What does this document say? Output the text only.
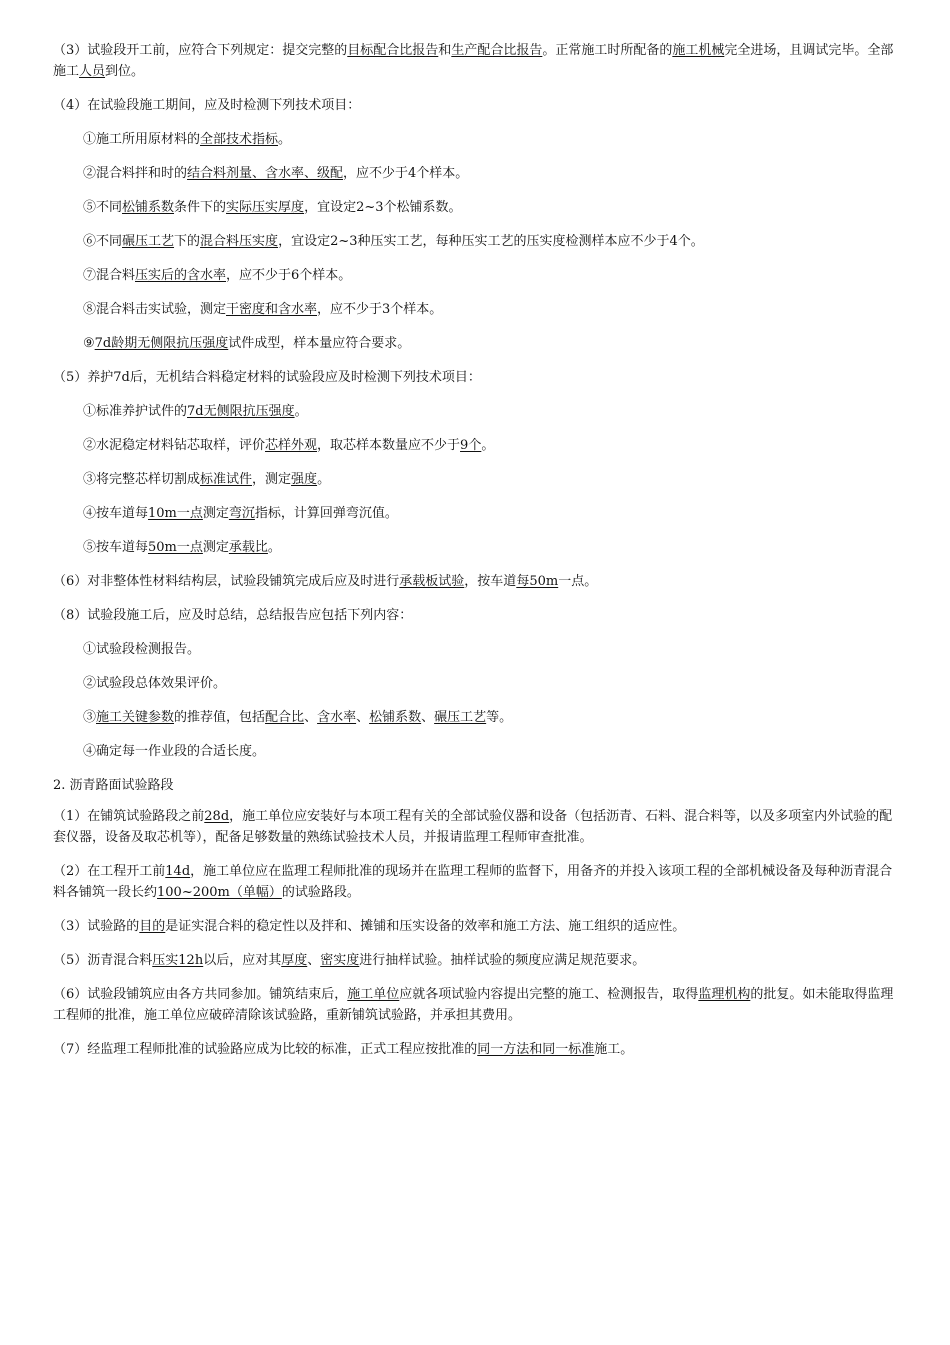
（3）试验段开工前，应符合下列规定：提交完整的目标配合比报告和生产配合比报告。正常施工时所配备的施工机械完全进场，且调试完毕。全部施工人员到位。

（4）在试验段施工期间，应及时检测下列技术项目：

①施工所用原材料的全部技术指标。

②混合料拌和时的结合料剂量、含水率、级配，应不少于4个样本。

⑤不同松铺系数条件下的实际压实厚度，宜设定2~3个松铺系数。

⑥不同碾压工艺下的混合料压实度，宜设定2~3种压实工艺，每种压实工艺的压实度检测样本应不少于4个。

⑦混合料压实后的含水率，应不少于6个样本。

⑧混合料击实试验，测定干密度和含水率，应不少于3个样本。

⑨7d龄期无侧限抗压强度试件成型，样本量应符合要求。

（5）养护7d后，无机结合料稳定材料的试验段应及时检测下列技术项目：

①标准养护试件的7d无侧限抗压强度。

②水泥稳定材料钻芯取样，评价芯样外观，取芯样本数量应不少于9个。

③将完整芯样切割成标准试件，测定强度。

④按车道每10m一点测定弯沉指标，计算回弹弯沉值。

⑤按车道每50m一点测定承载比。

（6）对非整体性材料结构层，试验段铺筑完成后应及时进行承载板试验，按车道每50m一点。

（8）试验段施工后，应及时总结，总结报告应包括下列内容：

①试验段检测报告。

②试验段总体效果评价。

③施工关键参数的推荐值，包括配合比、含水率、松铺系数、碾压工艺等。

④确定每一作业段的合适长度。

2. 沥青路面试验路段

（1）在铺筑试验路段之前28d，施工单位应安装好与本项工程有关的全部试验仪器和设备（包括沥青、石料、混合料等，以及多项室内外试验的配套仪器，设备及取芯机等），配备足够数量的熟练试验技术人员，并报请监理工程师审查批准。

（2）在工程开工前14d，施工单位应在监理工程师批准的现场并在监理工程师的监督下，用备齐的并投入该项工程的全部机械设备及每种沥青混合料各铺筑一段长约100~200m（单幅）的试验路段。

（3）试验路的目的是证实混合料的稳定性以及拌和、摊铺和压实设备的效率和施工方法、施工组织的适应性。

（5）沥青混合料压实12h以后，应对其厚度、密实度进行抽样试验。抽样试验的频度应满足规范要求。

（6）试验段铺筑应由各方共同参加。铺筑结束后，施工单位应就各项试验内容提出完整的施工、检测报告，取得监理机构的批复。如未能取得监理工程师的批准，施工单位应破碎清除该试验路，重新铺筑试验路，并承担其费用。

（7）经监理工程师批准的试验路应成为比较的标准，正式工程应按批准的同一方法和同一标准施工。
